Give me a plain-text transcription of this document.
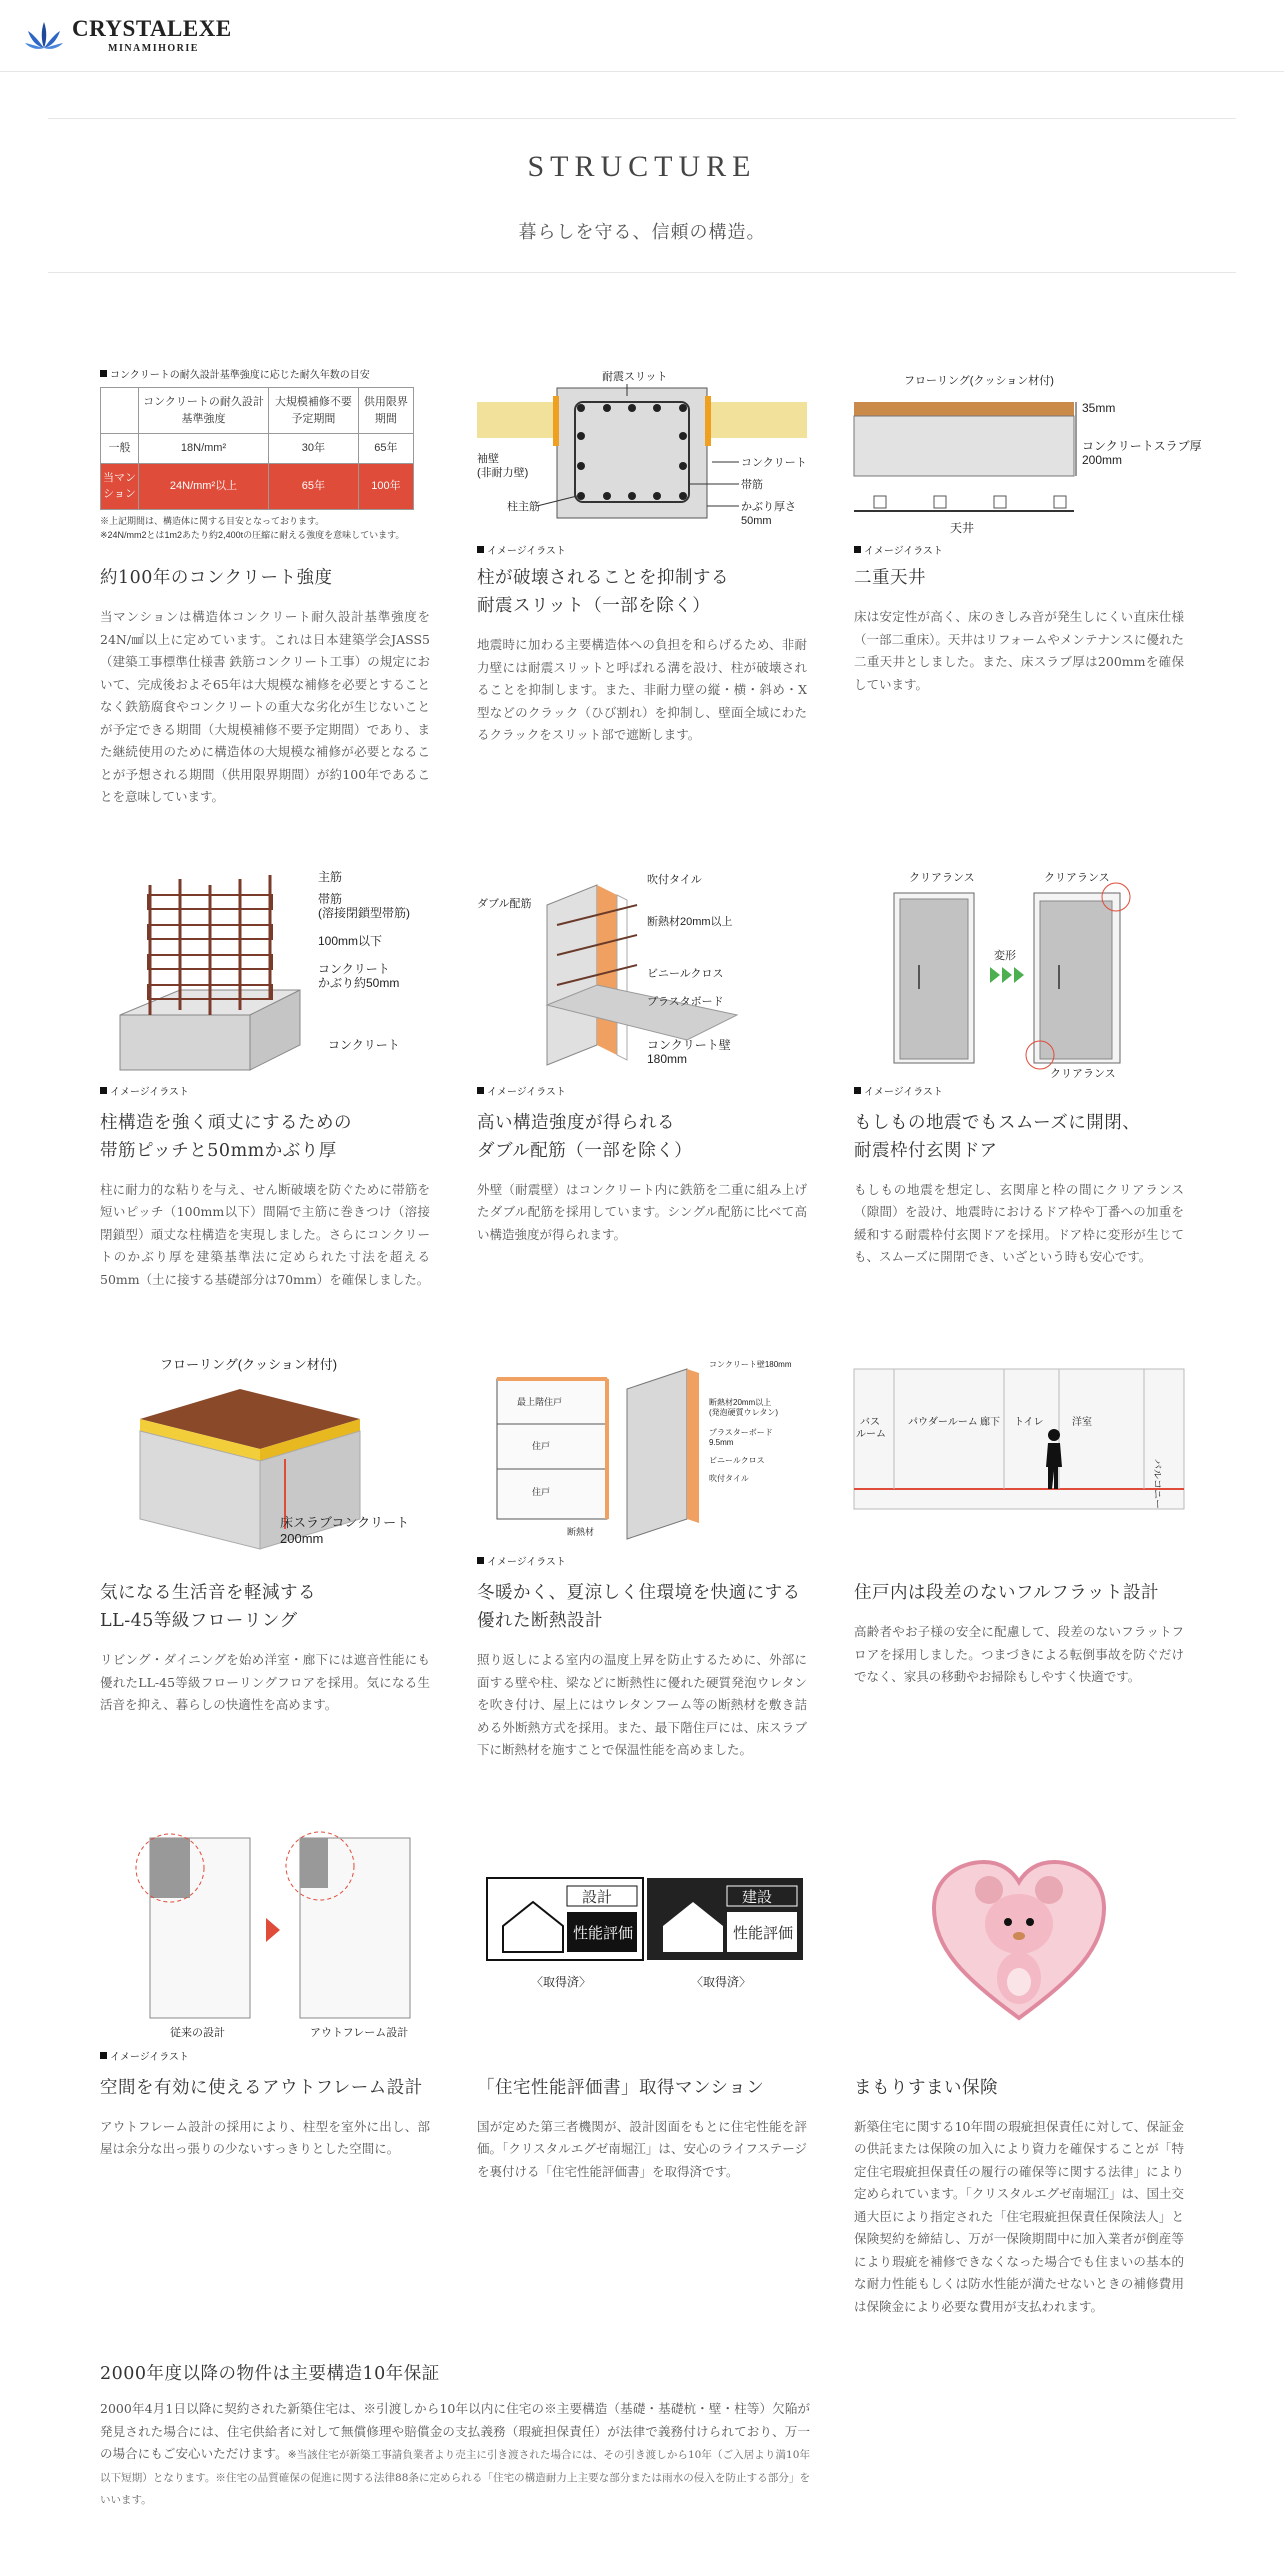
CRYSTALEXE
MINAMIHORIE
STRUCTURE
暮らしを守る、信頼の構造。
コンクリートの耐久設計基準強度に応じた耐久年数の目安
	コンクリートの耐久設計基準強度	大規模補修不要予定期間	供用限界期間
一般	18N/mm²	30年	65年
当マンション	24N/mm²以上	65年	100年
※上記期間は、構造体に関する目安となっております。
※24N/mm2とは1m2あたり約2,400tの圧縮に耐える強度を意味しています。
約100年のコンクリート強度
当マンションは構造体コンクリート耐久設計基準強度を24N/㎟以上に定めています。これは日本建築学会JASS5（建築工事標準仕様書 鉄筋コンクリート工事）の規定において、完成後およそ65年は大規模な補修を必要とすることなく鉄筋腐食やコンクリートの重大な劣化が生じないことが予定できる期間（大規模補修不要予定期間）であり、また継続使用のために構造体の大規模な補修が必要となることが予想される期間（供用限界期間）が約100年であることを意味しています。
耐震スリット
袖壁
(非耐力壁)
柱主筋
コンクリート
帯筋
かぶり厚さ
50mm
イメージイラスト
柱が破壊されることを抑制する
耐震スリット（一部を除く）
地震時に加わる主要構造体への負担を和らげるため、非耐力壁には耐震スリットと呼ばれる溝を設け、柱が破壊されることを抑制します。また、非耐力壁の縦・横・斜め・X型などのクラック（ひび割れ）を抑制し、壁面全域にわたるクラックをスリット部で遮断します。
フローリング(クッション材付)
35mm
コンクリートスラブ厚
200mm
天井
イメージイラスト
二重天井
床は安定性が高く、床のきしみ音が発生しにくい直床仕様（一部二重床）。天井はリフォームやメンテナンスに優れた二重天井としました。また、床スラブ厚は200mmを確保しています。
主筋
帯筋
(溶接閉鎖型帯筋)
100mm以下
コンクリート
かぶり約50mm
コンクリート
イメージイラスト
柱構造を強く頑丈にするための
帯筋ピッチと50mmかぶり厚
柱に耐力的な粘りを与え、せん断破壊を防ぐために帯筋を短いピッチ（100mm以下）間隔で主筋に巻きつけ（溶接閉鎖型）頑丈な柱構造を実現しました。さらにコンクリートのかぶり厚を建築基準法に定められた寸法を超える50mm（土に接する基礎部分は70mm）を確保しました。
吹付タイル
ダブル配筋
断熱材20mm以上
ビニールクロス
プラスタボード
コンクリート壁
180mm
イメージイラスト
高い構造強度が得られる
ダブル配筋（一部を除く）
外壁（耐震壁）はコンクリート内に鉄筋を二重に組み上げたダブル配筋を採用しています。シングル配筋に比べて高い構造強度が得られます。
クリアランス	クリアランス
変形
クリアランス
イメージイラスト
もしもの地震でもスムーズに開閉、
耐震枠付玄関ドア
もしもの地震を想定し、玄関扉と枠の間にクリアランス（隙間）を設け、地震時におけるドア枠や丁番への加重を緩和する耐震枠付玄関ドアを採用。ドア枠に変形が生じても、スムーズに開閉でき、いざという時も安心です。
フローリング(クッション材付)
床スラブコンクリート
200mm
気になる生活音を軽減する
LL-45等級フローリング
リビング・ダイニングを始め洋室・廊下には遮音性能にも優れたLL-45等級フローリングフロアを採用。気になる生活音を抑え、暮らしの快適性を高めます。
最上階住戸
住戸
住戸
断熱材
コンクリート壁180mm
断熱材20mm以上
(発泡硬質ウレタン)
プラスターボード
9.5mm
ビニールクロス
吹付タイル
イメージイラスト
冬暖かく、夏涼しく住環境を快適にする
優れた断熱設計
照り返しによる室内の温度上昇を防止するために、外部に面する壁や柱、梁などに断熱性に優れた硬質発泡ウレタンを吹き付け、屋上にはウレタンフーム等の断熱材を敷き詰める外断熱方式を採用。また、最下階住戸には、床スラブ下に断熱材を施すことで保温性能を高めました。
バス
ルーム
パウダールーム 廊下 トイレ	洋室
バルコニー
住戸内は段差のないフルフラット設計
高齢者やお子様の安全に配慮して、段差のないフラットフロアを採用しました。つまづきによる転倒事故を防ぐだけでなく、家具の移動やお掃除もしやすく快適です。
従来の設計	アウトフレーム設計
イメージイラスト
空間を有効に使えるアウトフレーム設計
アウトフレーム設計の採用により、柱型を室外に出し、部屋は余分な出っ張りの少ないすっきりとした空間に。
設計
性能評価
建設
性能評価
〈取得済〉	〈取得済〉
「住宅性能評価書」取得マンション
国が定めた第三者機関が、設計図面をもとに住宅性能を評価。「クリスタルエグゼ南堀江」は、安心のライフステージを裏付ける「住宅性能評価書」を取得済です。
まもりすまい保険
新築住宅に関する10年間の瑕疵担保責任に対して、保証金の供託または保険の加入により資力を確保することが「特定住宅瑕疵担保責任の履行の確保等に関する法律」により定められています。「クリスタルエグゼ南堀江」は、国土交通大臣により指定された「住宅瑕疵担保責任保険法人」と保険契約を締結し、万が一保険期間中に加入業者が倒産等により瑕疵を補修できなくなった場合でも住まいの基本的な耐力性能もしくは防水性能が満たせないときの補修費用は保険金により必要な費用が支払われます。
2000年度以降の物件は主要構造10年保証
2000年4月1日以降に契約された新築住宅は、※引渡しから10年以内に住宅の※主要構造（基礎・基礎杭・壁・柱等）欠陥が発見された場合には、住宅供給者に対して無償修理や賠償金の支払義務（瑕疵担保責任）が法律で義務付けられており、万一の場合にもご安心いただけます。※当該住宅が新築工事請負業者より売主に引き渡された場合には、その引き渡しから10年（ご入居より満10年以下短期）となります。※住宅の品質確保の促進に関する法律88条に定められる「住宅の構造耐力上主要な部分または雨水の侵入を防止する部分」をいいます。
